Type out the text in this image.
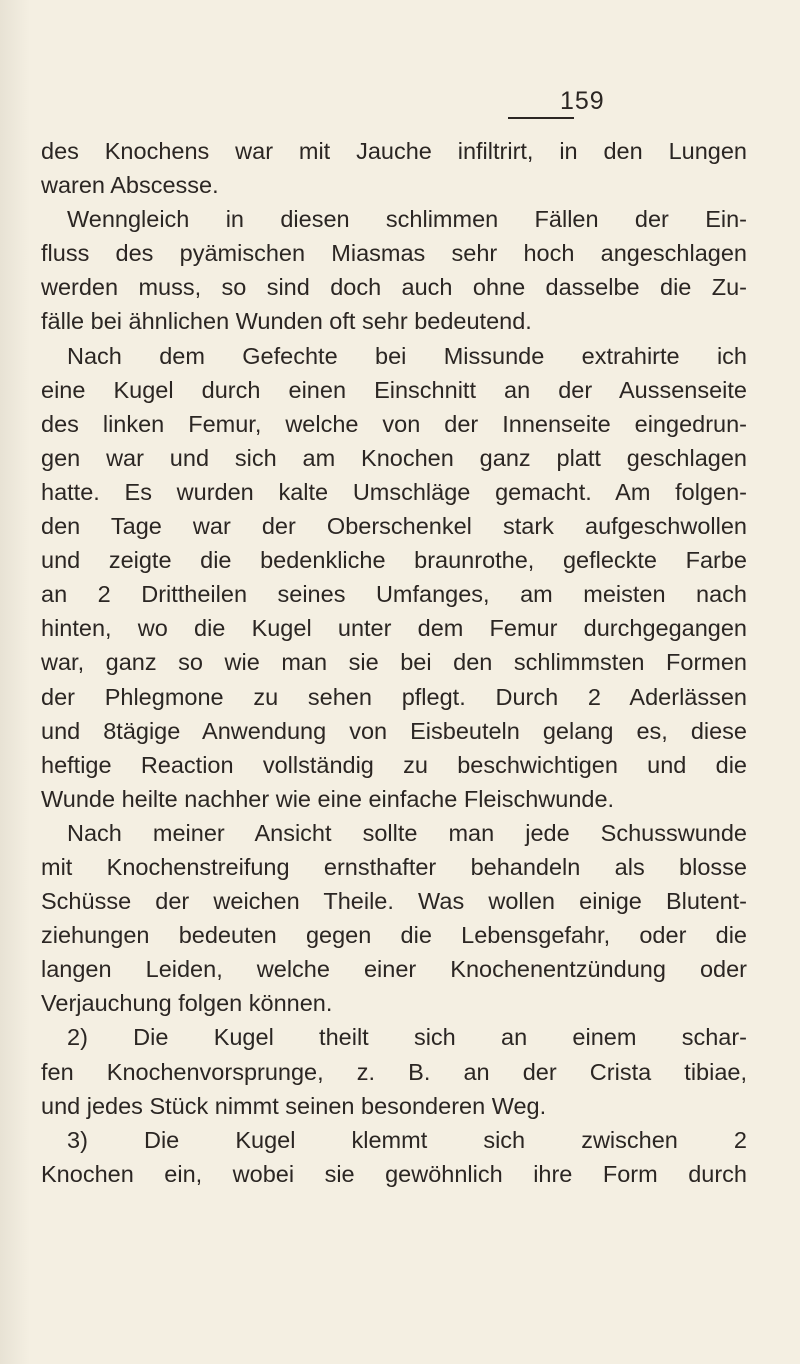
159
des Knochens war mit Jauche infiltrirt, in den Lungen
waren Abscesse.
Wenngleich in diesen schlimmen Fällen der Ein-
fluss des pyämischen Miasmas sehr hoch angeschlagen
werden muss, so sind doch auch ohne dasselbe die Zu-
fälle bei ähnlichen Wunden oft sehr bedeutend.
Nach dem Gefechte bei Missunde extrahirte ich
eine Kugel durch einen Einschnitt an der Aussenseite
des linken Femur, welche von der Innenseite eingedrun-
gen war und sich am Knochen ganz platt geschlagen
hatte. Es wurden kalte Umschläge gemacht. Am folgen-
den Tage war der Oberschenkel stark aufgeschwollen
und zeigte die bedenkliche braunrothe, gefleckte Farbe
an 2 Drittheilen seines Umfanges, am meisten nach
hinten, wo die Kugel unter dem Femur durchgegangen
war, ganz so wie man sie bei den schlimmsten Formen
der Phlegmone zu sehen pflegt. Durch 2 Aderlässen
und 8tägige Anwendung von Eisbeuteln gelang es, diese
heftige Reaction vollständig zu beschwichtigen und die
Wunde heilte nachher wie eine einfache Fleischwunde.
Nach meiner Ansicht sollte man jede Schusswunde
mit Knochenstreifung ernsthafter behandeln als blosse
Schüsse der weichen Theile. Was wollen einige Blutent-
ziehungen bedeuten gegen die Lebensgefahr, oder die
langen Leiden, welche einer Knochenentzündung oder
Verjauchung folgen können.
2) Die Kugel theilt sich an einem schar-
fen Knochenvorsprunge, z. B. an der Crista tibiae,
und jedes Stück nimmt seinen besonderen Weg.
3) Die Kugel klemmt sich zwischen 2
Knochen ein, wobei sie gewöhnlich ihre Form durch
